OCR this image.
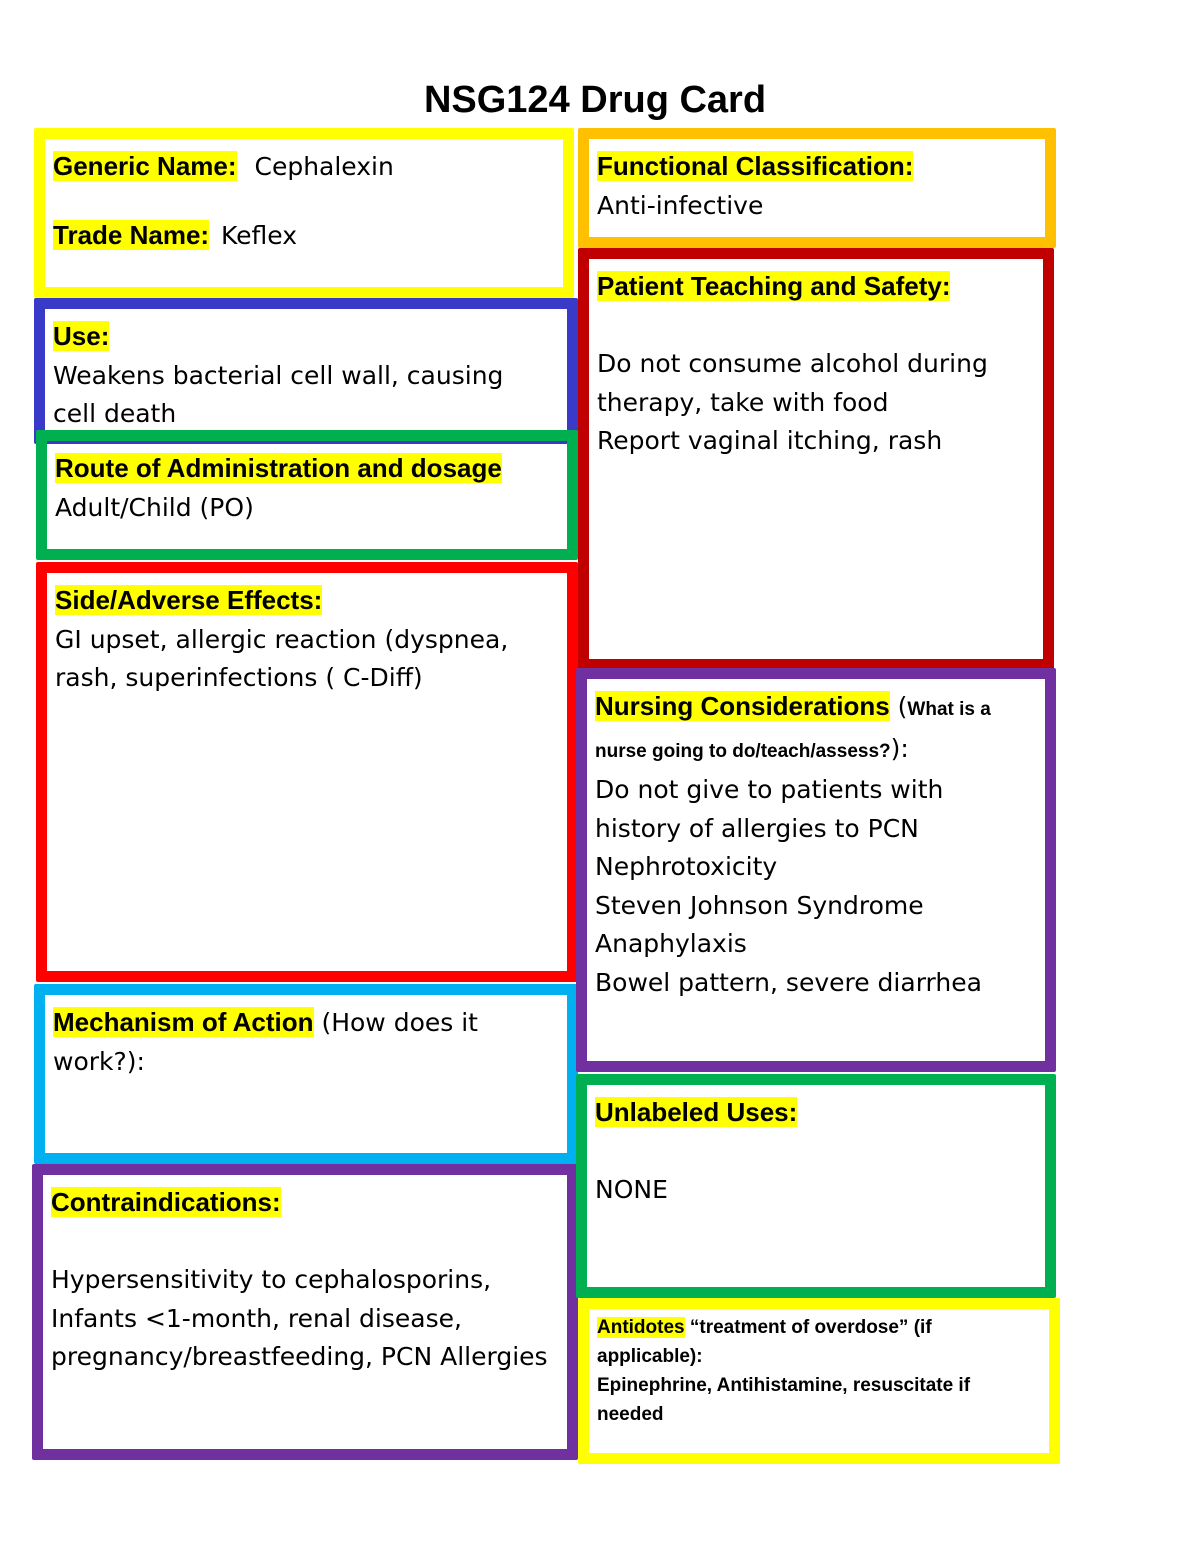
NSG124 Drug Card
Generic Name: Cephalexin
Trade Name: Keflex
Use:
Weakens bacterial cell wall, causing
cell death
Route of Administration and dosage
Adult/Child (PO)
Side/Adverse Effects:
GI upset, allergic reaction (dyspnea,
rash, superinfections ( C-Diff)
Mechanism of Action (How does it
work?):
Contraindications:
Hypersensitivity to cephalosporins,
Infants <1-month, renal disease,
pregnancy/breastfeeding, PCN Allergies
Functional Classification:
Anti-infective
Patient Teaching and Safety:
Do not consume alcohol during
therapy, take with food
Report vaginal itching, rash
Nursing Considerations (What is a
nurse going to do/teach/assess?):
Do not give to patients with
history of allergies to PCN
Nephrotoxicity
Steven Johnson Syndrome
Anaphylaxis
Bowel pattern, severe diarrhea
Unlabeled Uses:
NONE
Antidotes “treatment of overdose” (if
applicable):
Epinephrine, Antihistamine, resuscitate if
needed
